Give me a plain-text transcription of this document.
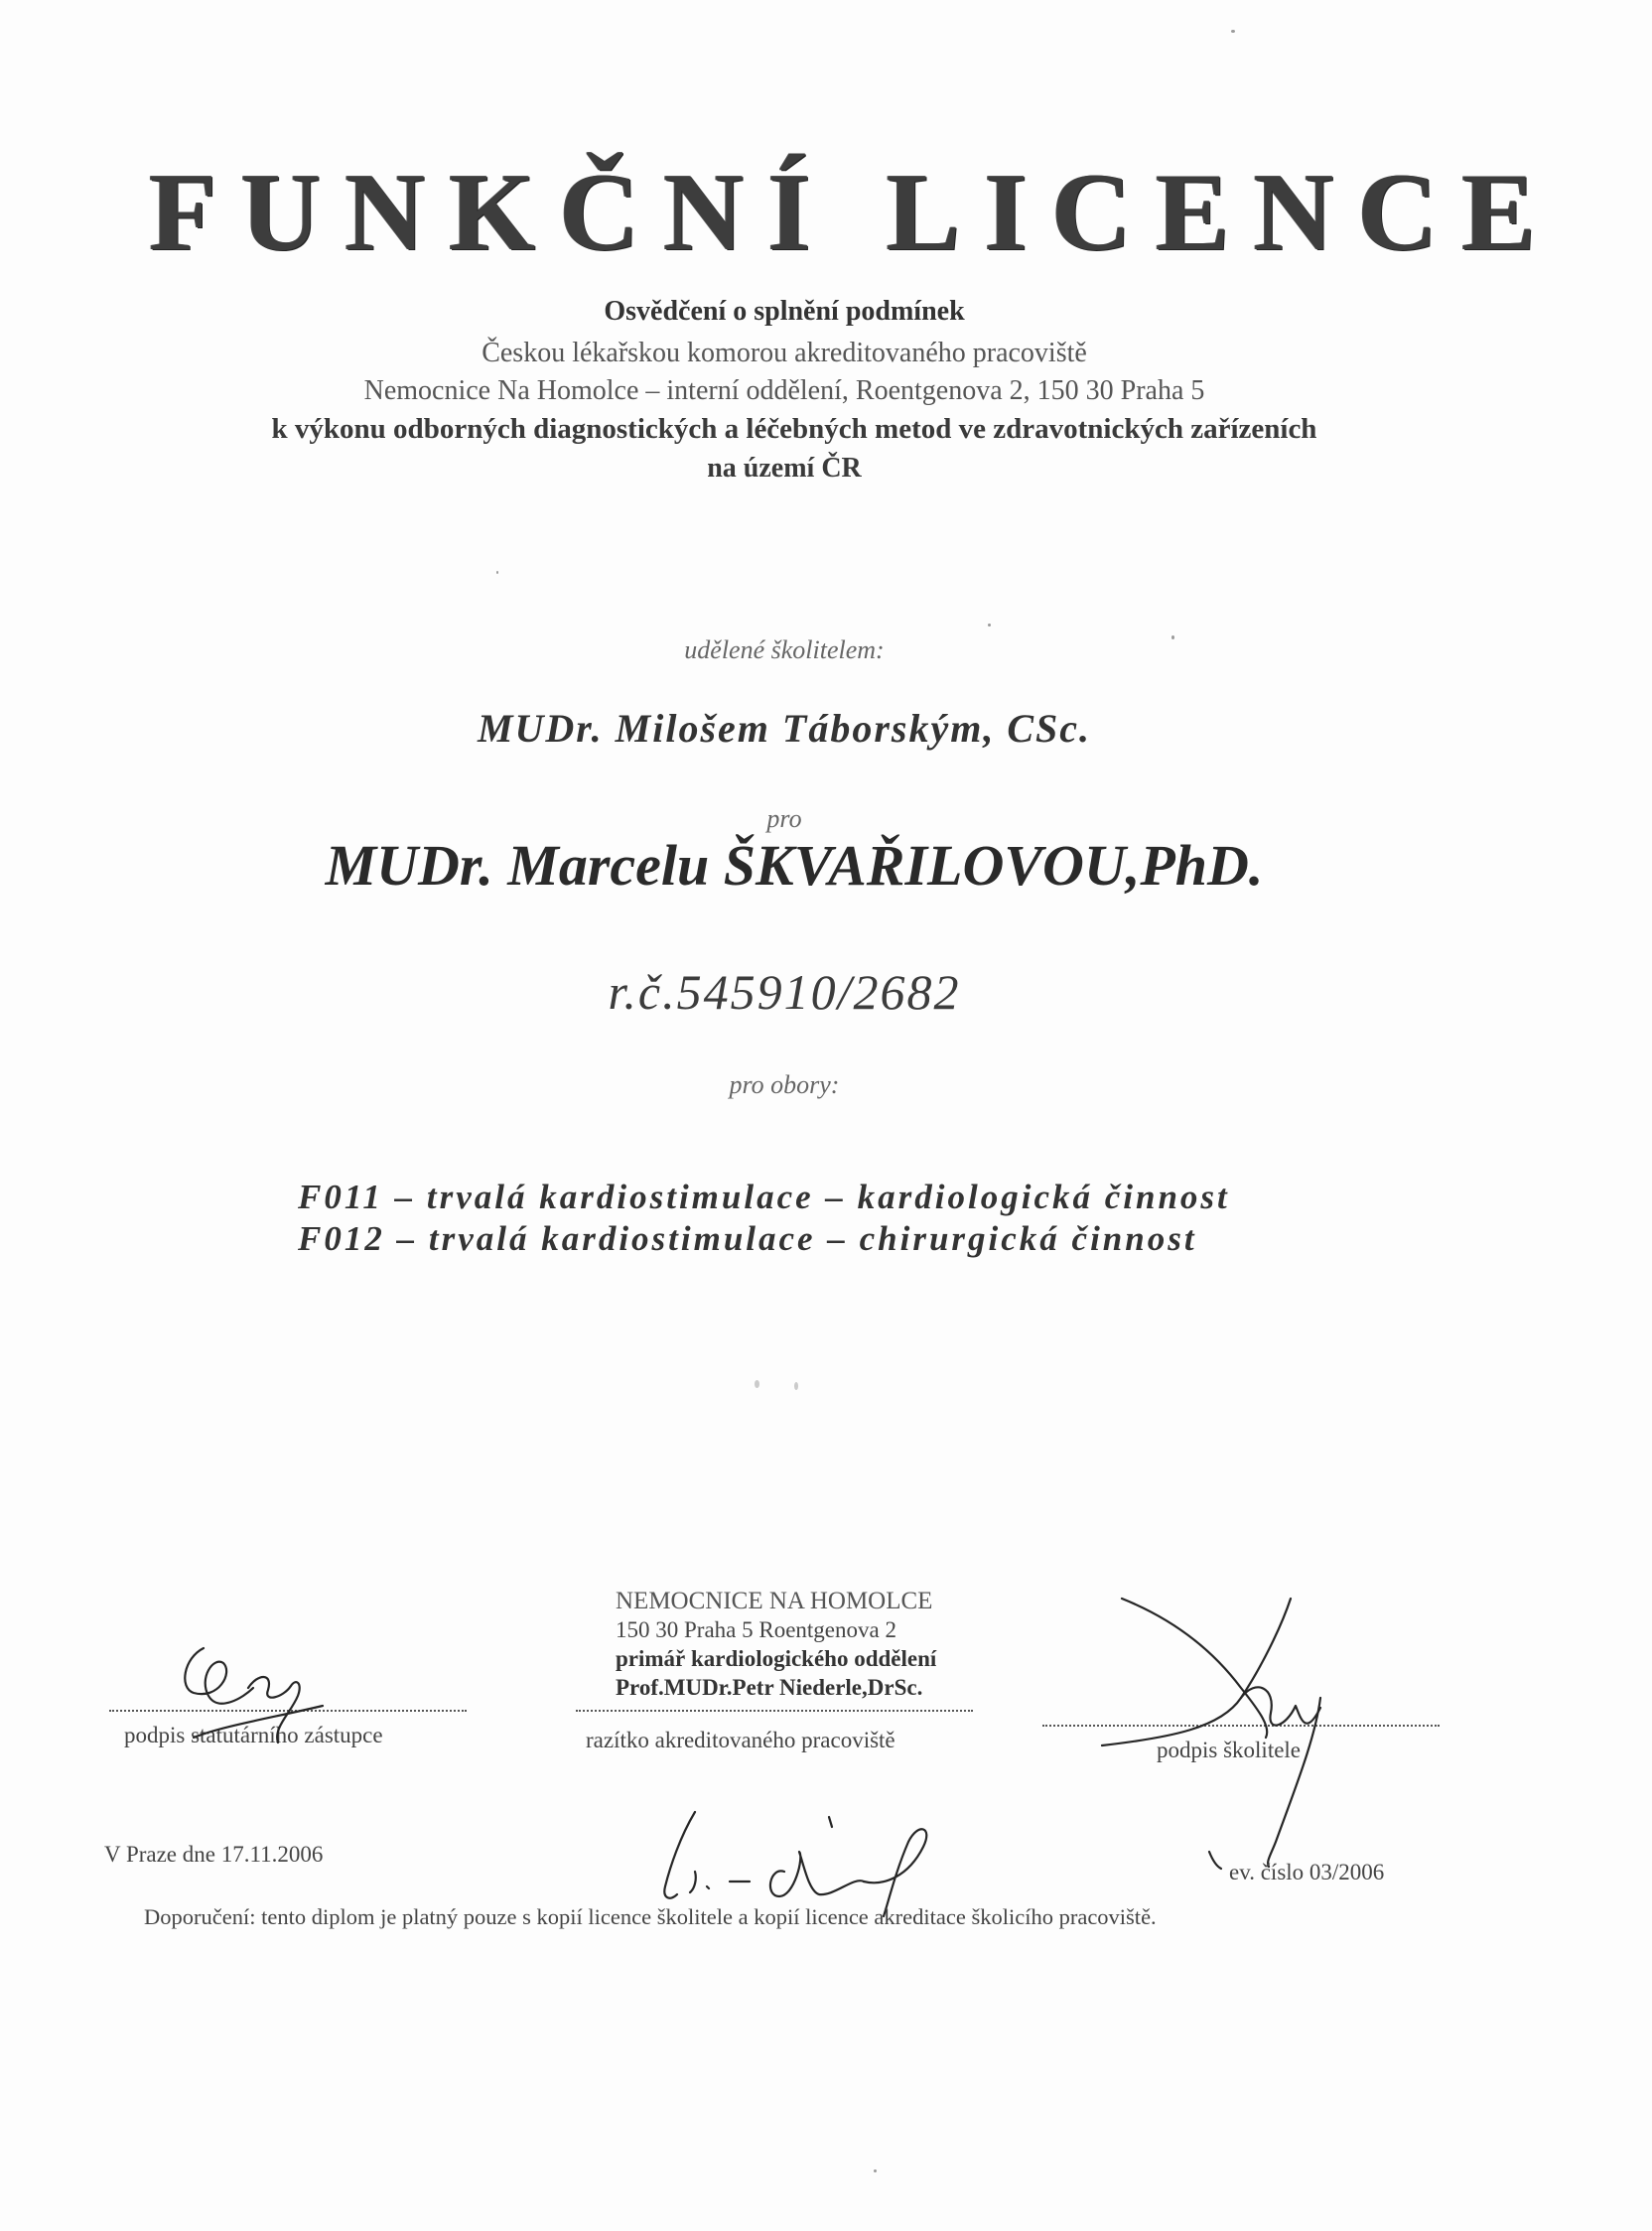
FUNKČNÍ LICENCE
Osvědčení o splnění podmínek
Českou lékařskou komorou akreditovaného pracoviště
Nemocnice Na Homolce – interní oddělení, Roentgenova 2, 150 30 Praha 5
k výkonu odborných diagnostických a léčebných metod ve zdravotnických zařízeních
na území ČR
udělené školitelem:
MUDr. Milošem Táborským, CSc.
pro
MUDr. Marcelu ŠKVAŘILOVOU,PhD.
r.č.545910/2682
pro obory:
F011 – trvalá kardiostimulace – kardiologická činnost
F012 – trvalá kardiostimulace – chirurgická činnost
NEMOCNICE NA HOMOLCE
150 30 Praha 5 Roentgenova 2
primář kardiologického oddělení
Prof.MUDr.Petr Niederle,DrSc.
podpis statutárního zástupce	razítko akreditovaného pracoviště	podpis školitele
V Praze dne 17.11.2006
ev. číslo 03/2006
Doporučení: tento diplom je platný pouze s kopií licence školitele a kopií licence akreditace školicího pracoviště.
